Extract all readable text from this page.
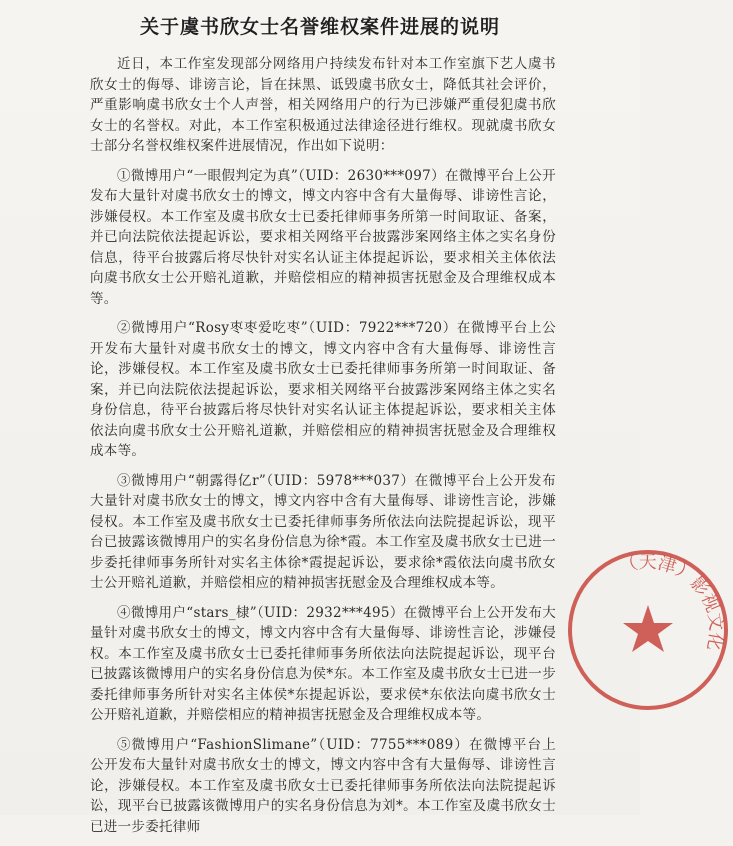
关于虞书欣女士名誉维权案件进展的说明

近日，本工作室发现部分网络用户持续发布针对本工作室旗下艺人虞书欣女士的侮辱、诽谤言论，旨在抹黑、诋毁虞书欣女士，降低其社会评价，严重影响虞书欣女士个人声誉，相关网络用户的行为已涉嫌严重侵犯虞书欣女士的名誉权。对此，本工作室积极通过法律途径进行维权。现就虞书欣女士部分名誉权维权案件进展情况，作出如下说明：

①微博用户“一眼假判定为真”（UID：2630***097）在微博平台上公开发布大量针对虞书欣女士的博文，博文内容中含有大量侮辱、诽谤性言论，涉嫌侵权。本工作室及虞书欣女士已委托律师事务所第一时间取证、备案，并已向法院依法提起诉讼，要求相关网络平台披露涉案网络主体之实名身份信息，待平台披露后将尽快针对实名认证主体提起诉讼，要求相关主体依法向虞书欣女士公开赔礼道歉，并赔偿相应的精神损害抚慰金及合理维权成本等。

②微博用户“Rosy枣枣爱吃枣”（UID：7922***720）在微博平台上公开发布大量针对虞书欣女士的博文，博文内容中含有大量侮辱、诽谤性言论，涉嫌侵权。本工作室及虞书欣女士已委托律师事务所第一时间取证、备案，并已向法院依法提起诉讼，要求相关网络平台披露涉案网络主体之实名身份信息，待平台披露后将尽快针对实名认证主体提起诉讼，要求相关主体依法向虞书欣女士公开赔礼道歉，并赔偿相应的精神损害抚慰金及合理维权成本等。

③微博用户“朝露得亿r”（UID：5978***037）在微博平台上公开发布大量针对虞书欣女士的博文，博文内容中含有大量侮辱、诽谤性言论，涉嫌侵权。本工作室及虞书欣女士已委托律师事务所依法向法院提起诉讼，现平台已披露该微博用户的实名身份信息为徐*霞。本工作室及虞书欣女士已进一步委托律师事务所针对实名主体徐*霞提起诉讼，要求徐*霞依法向虞书欣女士公开赔礼道歉，并赔偿相应的精神损害抚慰金及合理维权成本等。

④微博用户“stars_棣”（UID：2932***495）在微博平台上公开发布大量针对虞书欣女士的博文，博文内容中含有大量侮辱、诽谤性言论，涉嫌侵权。本工作室及虞书欣女士已委托律师事务所依法向法院提起诉讼，现平台已披露该微博用户的实名身份信息为侯*东。本工作室及虞书欣女士已进一步委托律师事务所针对实名主体侯*东提起诉讼，要求侯*东依法向虞书欣女士公开赔礼道歉，并赔偿相应的精神损害抚慰金及合理维权成本等。

⑤微博用户“FashionSlimane”（UID：7755***089）在微博平台上公开发布大量针对虞书欣女士的博文，博文内容中含有大量侮辱、诽谤性言论，涉嫌侵权。本工作室及虞书欣女士已委托律师事务所依法向法院提起诉讼，现平台已披露该微博用户的实名身份信息为刘*。本工作室及虞书欣女士已进一步委托律师

（天津）影视文化
